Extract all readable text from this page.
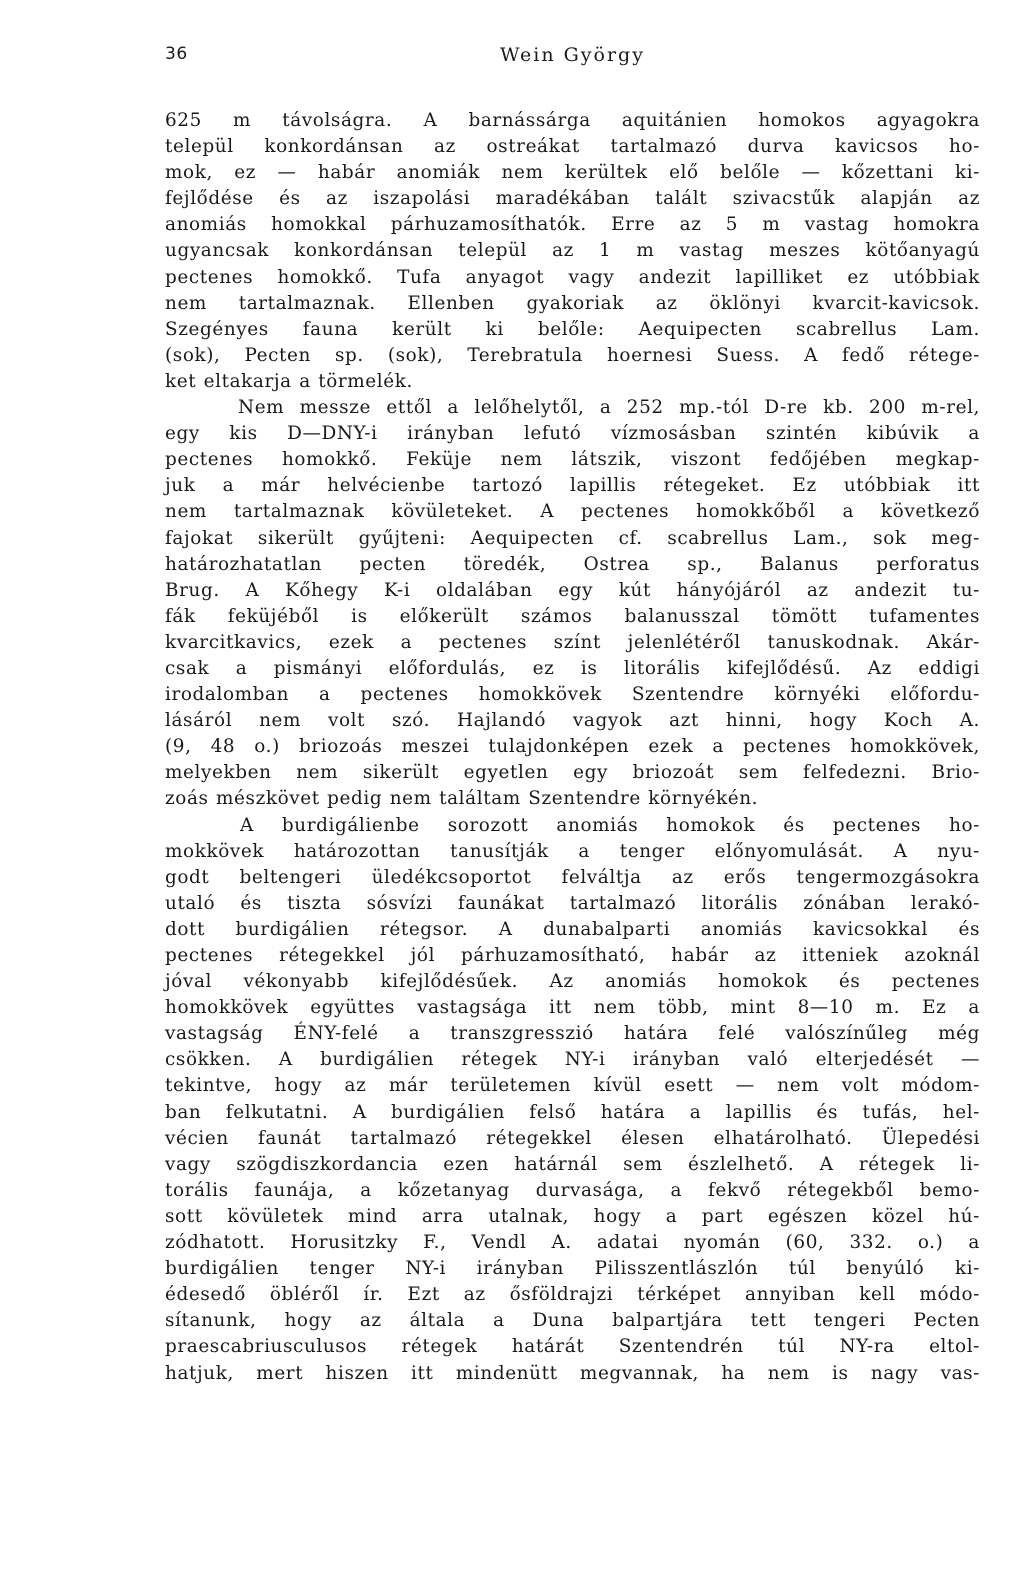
36	Wein György
625 m távolságra. A barnássárga aquitánien homokos agyagokra
települ konkordánsan az ostreákat tartalmazó durva kavicsos ho-
mok, ez — habár anomiák nem kerültek elő belőle — kőzettani ki-
fejlődése és az iszapolási maradékában talált szivacstűk alapján az
anomiás homokkal párhuzamosíthatók. Erre az 5 m vastag homokra
ugyancsak konkordánsan települ az 1 m vastag meszes kötőanyagú
pectenes homokkő. Tufa anyagot vagy andezit lapilliket ez utóbbiak
nem tartalmaznak. Ellenben gyakoriak az öklönyi kvarcit-kavicsok.
Szegényes fauna került ki belőle: Aequipecten scabrellus Lam.
(sok), Pecten sp. (sok), Terebratula hoernesi Suess. A fedő rétege-
ket eltakarja a törmelék.
Nem messze ettől a lelőhelytől, a 252 mp.-tól D-re kb. 200 m-rel,
egy kis D—DNY-i irányban lefutó vízmosásban szintén kibúvik a
pectenes homokkő. Feküje nem látszik, viszont fedőjében megkap-
juk a már helvécienbe tartozó lapillis rétegeket. Ez utóbbiak itt
nem tartalmaznak kövületeket. A pectenes homokkőből a következő
fajokat sikerült gyűjteni: Aequipecten cf. scabrellus Lam., sok meg-
határozhatatlan pecten töredék, Ostrea sp., Balanus perforatus
Brug. A Kőhegy K-i oldalában egy kút hányójáról az andezit tu-
fák feküjéből is előkerült számos balanusszal tömött tufamentes
kvarcitkavics, ezek a pectenes színt jelenlétéről tanuskodnak. Akár-
csak a pismányi előfordulás, ez is litorális kifejlődésű. Az eddigi
irodalomban a pectenes homokkövek Szentendre környéki előfordu-
lásáról nem volt szó. Hajlandó vagyok azt hinni, hogy Koch A.
(9, 48 o.) briozoás meszei tulajdonképen ezek a pectenes homokkövek,
melyekben nem sikerült egyetlen egy briozoát sem felfedezni. Brio-
zoás mészkövet pedig nem találtam Szentendre környékén.
A burdigálienbe sorozott anomiás homokok és pectenes ho-
mokkövek határozottan tanusítják a tenger előnyomulását. A nyu-
godt beltengeri üledékcsoportot felváltja az erős tengermozgásokra
utaló és tiszta sósvízi faunákat tartalmazó litorális zónában lerakó-
dott burdigálien rétegsor. A dunabalparti anomiás kavicsokkal és
pectenes rétegekkel jól párhuzamosítható, habár az itteniek azoknál
jóval vékonyabb kifejlődésűek. Az anomiás homokok és pectenes
homokkövek együttes vastagsága itt nem több, mint 8—10 m. Ez a
vastagság ÉNY-felé a transzgresszió határa felé valószínűleg még
csökken. A burdigálien rétegek NY-i irányban való elterjedését —
tekintve, hogy az már területemen kívül esett — nem volt módom-
ban felkutatni. A burdigálien felső határa a lapillis és tufás, hel-
vécien faunát tartalmazó rétegekkel élesen elhatárolható. Ülepedési
vagy szögdiszkordancia ezen határnál sem észlelhető. A rétegek li-
torális faunája, a kőzetanyag durvasága, a fekvő rétegekből bemo-
sott kövületek mind arra utalnak, hogy a part egészen közel hú-
zódhatott. Horusitzky F., Vendl A. adatai nyomán (60, 332. o.) a
burdigálien tenger NY-i irányban Pilisszentlászlón túl benyúló ki-
édesedő öbléről ír. Ezt az ősföldrajzi térképet annyiban kell módo-
sítanunk, hogy az általa a Duna balpartjára tett tengeri Pecten
praescabriusculusos rétegek határát Szentendrén túl NY-ra eltol-
hatjuk, mert hiszen itt mindenütt megvannak, ha nem is nagy vas-
